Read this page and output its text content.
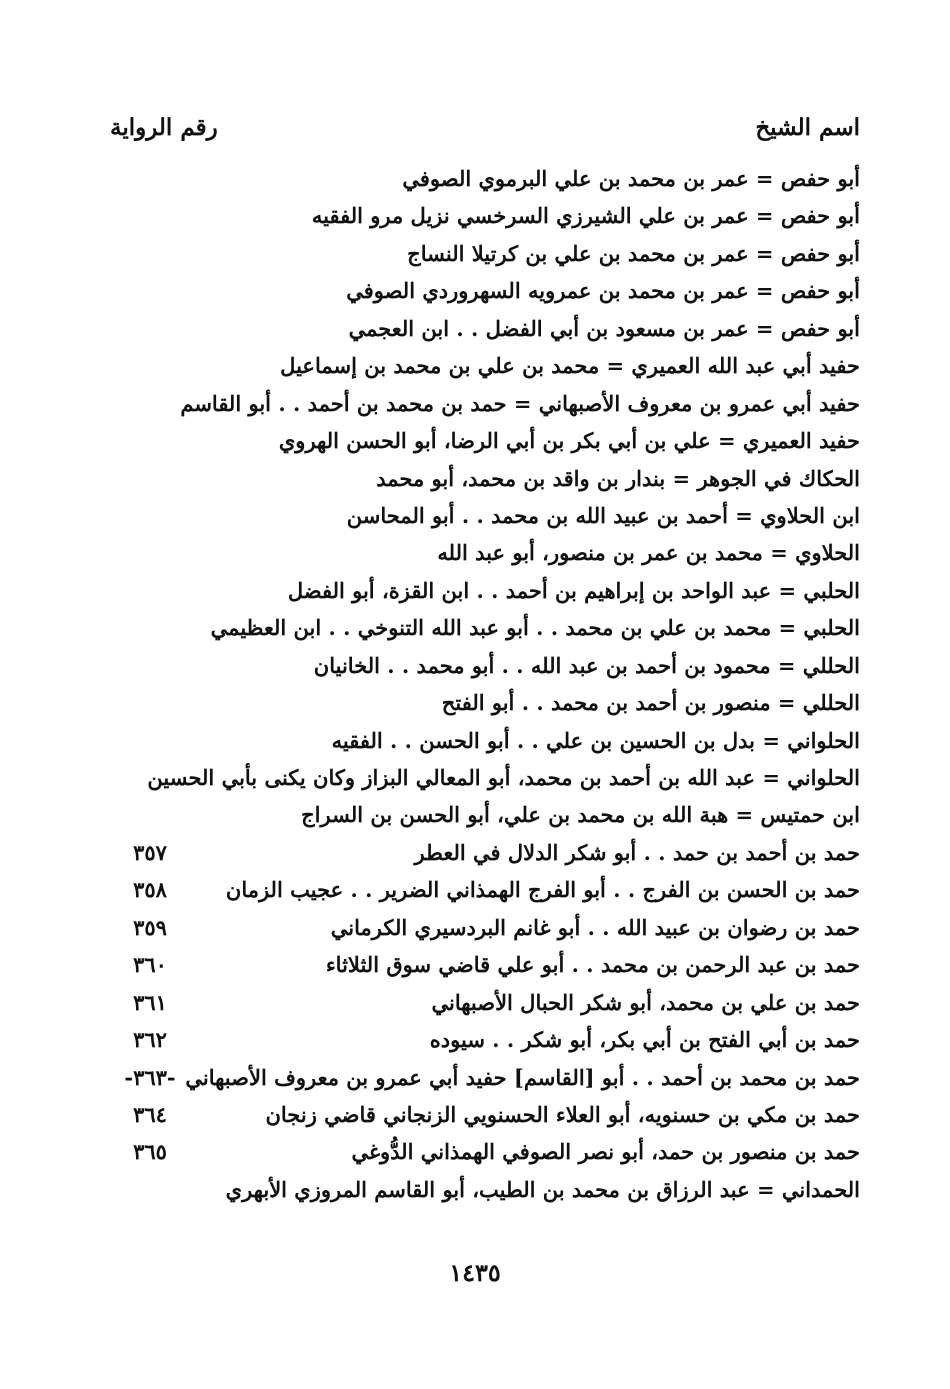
اسم الشيخ
رقم الرواية
أبو حفص = عمر بن محمد بن علي البرموي الصوفي
أبو حفص = عمر بن علي الشيرزي السرخسي نزيل مرو الفقيه
أبو حفص = عمر بن محمد بن علي بن كرتيلا النساج
أبو حفص = عمر بن محمد بن عمرويه السهروردي الصوفي
أبو حفص = عمر بن مسعود بن أبي الفضل . . ابن العجمي
حفيد أبي عبد الله العميري = محمد بن علي بن محمد بن إسماعيل
حفيد أبي عمرو بن معروف الأصبهاني = حمد بن محمد بن أحمد . . أبو القاسم
حفيد العميري = علي بن أبي بكر بن أبي الرضا، أبو الحسن الهروي
الحكاك في الجوهر = بندار بن واقد بن محمد، أبو محمد
ابن الحلاوي = أحمد بن عبيد الله بن محمد . . أبو المحاسن
الحلاوي = محمد بن عمر بن منصور، أبو عبد الله
الحلبي = عبد الواحد بن إبراهيم بن أحمد . . ابن القزة، أبو الفضل
الحلبي = محمد بن علي بن محمد . . أبو عبد الله التنوخي . . ابن العظيمي
الحللي = محمود بن أحمد بن عبد الله . . أبو محمد . . الخانيان
الحللي = منصور بن أحمد بن محمد . . أبو الفتح
الحلواني = بدل بن الحسين بن علي . . أبو الحسن . . الفقيه
الحلواني = عبد الله بن أحمد بن محمد، أبو المعالي البزاز وكان يكنى بأبي الحسين
ابن حمتيس = هبة الله بن محمد بن علي، أبو الحسن بن السراج
حمد بن أحمد بن حمد . . أبو شكر الدلال في العطر
٣٥٧
حمد بن الحسن بن الفرج . . أبو الفرج الهمذاني الضرير . . عجيب الزمان
٣٥٨
حمد بن رضوان بن عبيد الله . . أبو غانم البردسيري الكرماني
٣٥٩
حمد بن عبد الرحمن بن محمد . . أبو علي قاضي سوق الثلاثاء
٣٦٠
حمد بن علي بن محمد، أبو شكر الحبال الأصبهاني
٣٦١
حمد بن أبي الفتح بن أبي بكر، أبو شكر . . سيوده
٣٦٢
حمد بن محمد بن أحمد . . أبو [القاسم] حفيد أبي عمرو بن معروف الأصبهاني
-٣٦٣-
حمد بن مكي بن حسنويه، أبو العلاء الحسنويي الزنجاني قاضي زنجان
٣٦٤
حمد بن منصور بن حمد، أبو نصر الصوفي الهمذاني الدُّوغي
٣٦٥
الحمداني = عبد الرزاق بن محمد بن الطيب، أبو القاسم المروزي الأبهري
١٤٣٥
